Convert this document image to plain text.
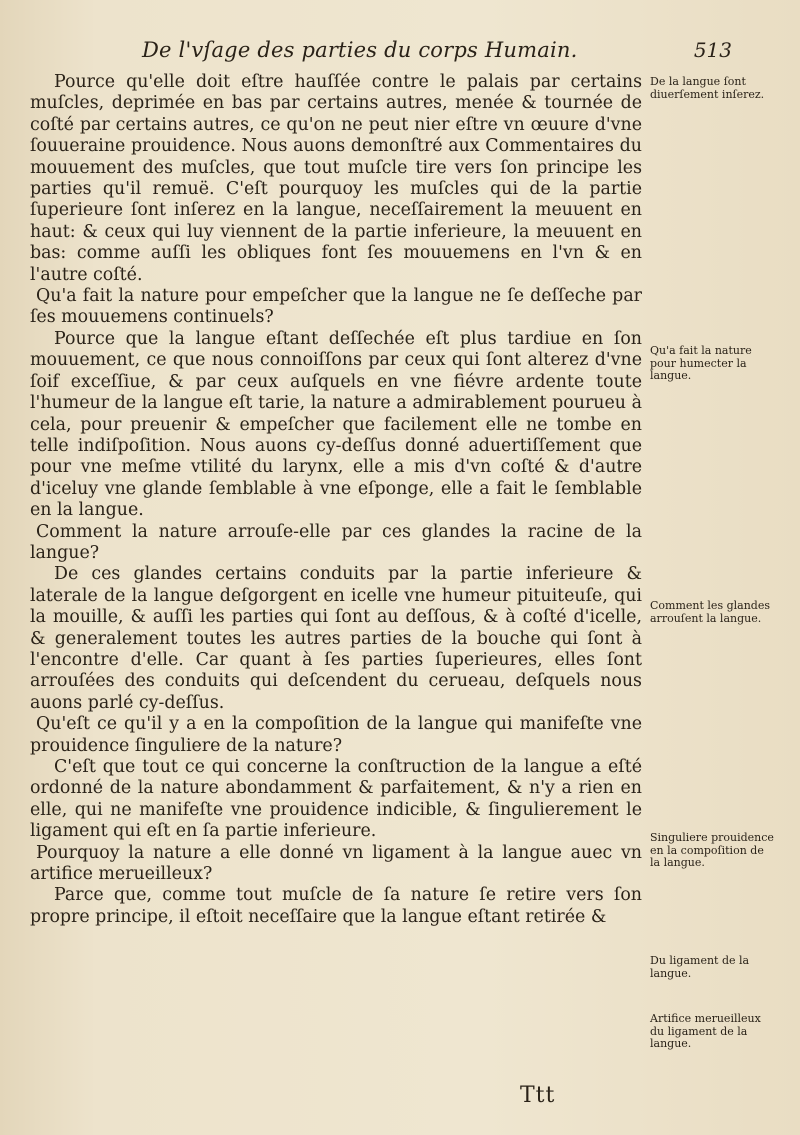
De l'vſage des parties du corps Humain.	513

Pource qu'elle doit eſtre hauſſée contre le palais par certains muſcles, deprimée en bas par certains autres, menée & tournée de coſté par certains autres, ce qu'on ne peut nier eſtre vn œuure d'vne ſouueraine prouidence. Nous auons demonſtré aux Commentaires du mouuement des muſcles, que tout muſcle tire vers ſon principe les parties qu'il remuë. C'eſt pourquoy les muſcles qui de la partie ſuperieure ſont inſerez en la langue, neceſſairement la meuuent en haut: & ceux qui luy viennent de la partie inferieure, la meuuent en bas: comme auſſi les obliques font ſes mouuemens en l'vn & en l'autre coſté.

Qu'a fait la nature pour empeſcher que la langue ne ſe deſſeche par ſes mouuemens continuels?

Pource que la langue eſtant deſſechée eſt plus tardiue en ſon mouuement, ce que nous connoiſſons par ceux qui ſont alterez d'vne ſoif exceſſiue, & par ceux auſquels en vne fiévre ardente toute l'humeur de la langue eſt tarie, la nature a admirablement pourueu à cela, pour preuenir & empeſcher que facilement elle ne tombe en telle indiſpoſition. Nous auons cy-deſſus donné aduertiſſement que pour vne meſme vtilité du larynx, elle a mis d'vn coſté & d'autre d'iceluy vne glande ſemblable à vne eſponge, elle a fait le ſemblable en la langue.

Comment la nature arrouſe-elle par ces glandes la racine de la langue?

De ces glandes certains conduits par la partie inferieure & laterale de la langue deſgorgent en icelle vne humeur pituiteuſe, qui la mouille, & auſſi les parties qui ſont au deſſous, & à coſté d'icelle, & generalement toutes les autres parties de la bouche qui ſont à l'encontre d'elle. Car quant à ſes parties ſuperieures, elles ſont arrouſées des conduits qui deſcendent du cerueau, deſquels nous auons parlé cy-deſſus.

Qu'eſt ce qu'il y a en la compoſition de la langue qui manifeſte vne prouidence ſinguliere de la nature?

C'eſt que tout ce qui concerne la conſtruction de la langue a eſté ordonné de la nature abondamment & parfaitement, & n'y a rien en elle, qui ne manifeſte vne prouidence indicible, & ſingulierement le ligament qui eſt en ſa partie inferieure.

Pourquoy la nature a elle donné vn ligament à la langue auec vn artifice merueilleux?

Parce que, comme tout muſcle de ſa nature ſe retire vers ſon propre principe, il eſtoit neceſſaire que la langue eſtant retirée &

De la langue ſont diuerſement inſerez.
Qu'a fait la nature pour humecter la langue.
Comment les glandes arrouſent la langue.
Singuliere prouidence en la compoſition de la langue.
Du ligament de la langue.
Artifice merueilleux du ligament de la langue.
Ttt
